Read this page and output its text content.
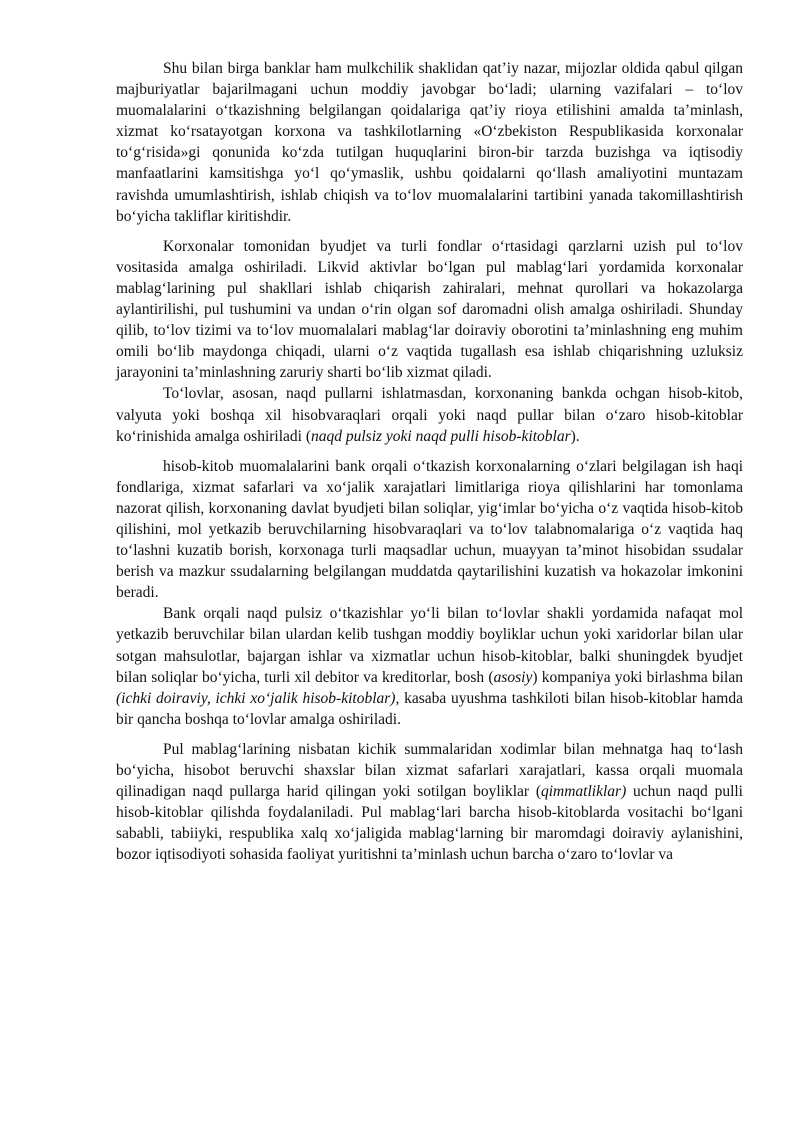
Shu bilan birga banklar ham mulkchilik shaklidan qat’iy nazar, mijozlar oldida qabul qilgan majburiyatlar bajarilmagani uchun moddiy javobgar bo‘ladi; ularning vazifalari – to‘lov muomalalarini o‘tkazishning belgilangan qoidalariga qat’iy rioya etilishini amalda ta’minlash, xizmat ko‘rsatayotgan korxona va tashkilotlarning «O‘zbekiston Respublikasida korxonalar to‘g‘risida»gi qonunida ko‘zda tutilgan huquqlarini biron-bir tarzda buzishga va iqtisodiy manfaatlarini kamsitishga yo‘l qo‘ymaslik, ushbu qoidalarni qo‘llash amaliyotini muntazam ravishda umumlashtirish, ishlab chiqish va to‘lov muomalalarini tartibini yanada takomillashtirish bo‘yicha takliflar kiritishdir.

Korxonalar tomonidan byudjet va turli fondlar o‘rtasidagi qarzlarni uzish pul to‘lov vositasida amalga oshiriladi. Likvid aktivlar bo‘lgan pul mablag‘lari yordamida korxonalar mablag‘larining pul shakllari ishlab chiqarish zahiralari, mehnat qurollari va hokazolarga aylantirilishi, pul tushumini va undan o‘rin olgan sof daromadni olish amalga oshiriladi. Shunday qilib, to‘lov tizimi va to‘lov muomalalari mablag‘lar doiraviy oborotini ta’minlashning eng muhim omili bo‘lib maydonga chiqadi, ularni o‘z vaqtida tugallash esa ishlab chiqarishning uzluksiz jarayonini ta’minlashning zaruriy sharti bo‘lib xizmat qiladi.

To‘lovlar, asosan, naqd pullarni ishlatmasdan, korxonaning bankda ochgan hisob-kitob, valyuta yoki boshqa xil hisobvaraqlari orqali yoki naqd pullar bilan o‘zaro hisob-kitoblar ko‘rinishida amalga oshiriladi (naqd pulsiz yoki naqd pulli hisob-kitoblar).

hisob-kitob muomalalarini bank orqali o‘tkazish korxonalarning o‘zlari belgilagan ish haqi fondlariga, xizmat safarlari va xo‘jalik xarajatlari limitlariga rioya qilishlarini har tomonlama nazorat qilish, korxonaning davlat byudjeti bilan soliqlar, yig‘imlar bo‘yicha o‘z vaqtida hisob-kitob qilishini, mol yetkazib beruvchilarning hisobvaraqlari va to‘lov talabnomalariga o‘z vaqtida haq to‘lashni kuzatib borish, korxonaga turli maqsadlar uchun, muayyan ta’minot hisobidan ssudalar berish va mazkur ssudalarning belgilangan muddatda qaytarilishini kuzatish va hokazolar imkonini beradi.

Bank orqali naqd pulsiz o‘tkazishlar yo‘li bilan to‘lovlar shakli yordamida nafaqat mol yetkazib beruvchilar bilan ulardan kelib tushgan moddiy boyliklar uchun yoki xaridorlar bilan ular sotgan mahsulotlar, bajargan ishlar va xizmatlar uchun hisob-kitoblar, balki shuningdek byudjet bilan soliqlar bo‘yicha, turli xil debitor va kreditorlar, bosh (asosiy) kompaniya yoki birlashma bilan (ichki doiraviy, ichki xo‘jalik hisob-kitoblar), kasaba uyushma tashkiloti bilan hisob-kitoblar hamda bir qancha boshqa to‘lovlar amalga oshiriladi.

Pul mablag‘larining nisbatan kichik summalaridan xodimlar bilan mehnatga haq to‘lash bo‘yicha, hisobot beruvchi shaxslar bilan xizmat safarlari xarajatlari, kassa orqali muomala qilinadigan naqd pullarga harid qilingan yoki sotilgan boyliklar (qimmatliklar) uchun naqd pulli hisob-kitoblar qilishda foydalaniladi. Pul mablag‘lari barcha hisob-kitoblarda vositachi bo‘lgani sababli, tabiiyki, respublika xalq xo‘jaligida mablag‘larning bir maromdagi doiraviy aylanishini, bozor iqtisodiyoti sohasida faoliyat yuritishni ta’minlash uchun barcha o‘zaro to‘lovlar va
